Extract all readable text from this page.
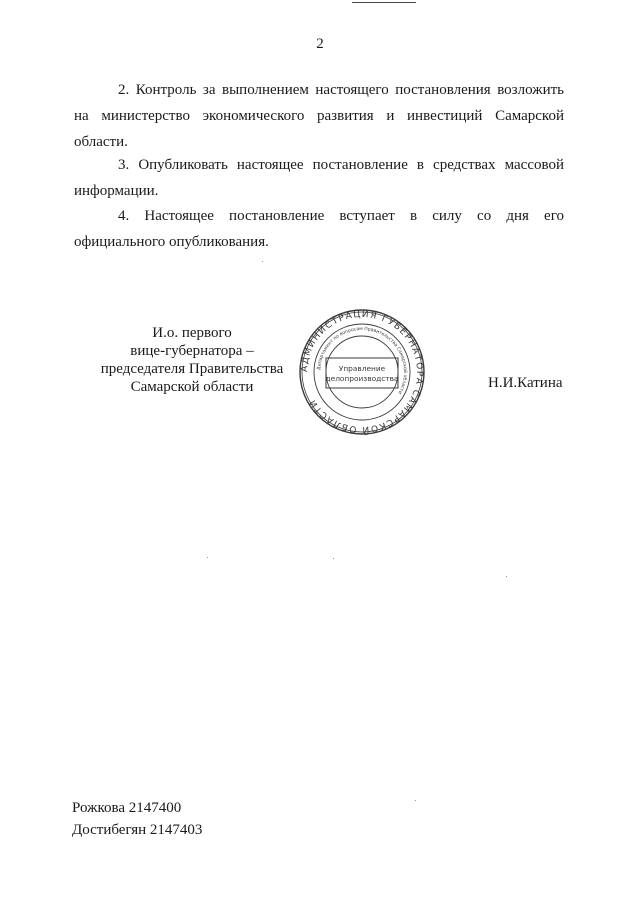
2
2. Контроль за выполнением настоящего постановления возложить на министерство экономического развития и инвестиций Самарской области.
3. Опубликовать настоящее постановление в средствах массовой информации.
4. Настоящее постановление вступает в силу со дня его официального опубликования.
И.о. первого
вице-губернатора –
председателя Правительства
Самарской области
АДМИНИСТРАЦИЯ ГУБЕРНАТОРА САМАРСКОЙ ОБЛАСТИ
Департамент по вопросам Правительства Самарской области
Управление
делопроизводства	Н.И.Катина
Рожкова 2147400
Достибегян 2147403
